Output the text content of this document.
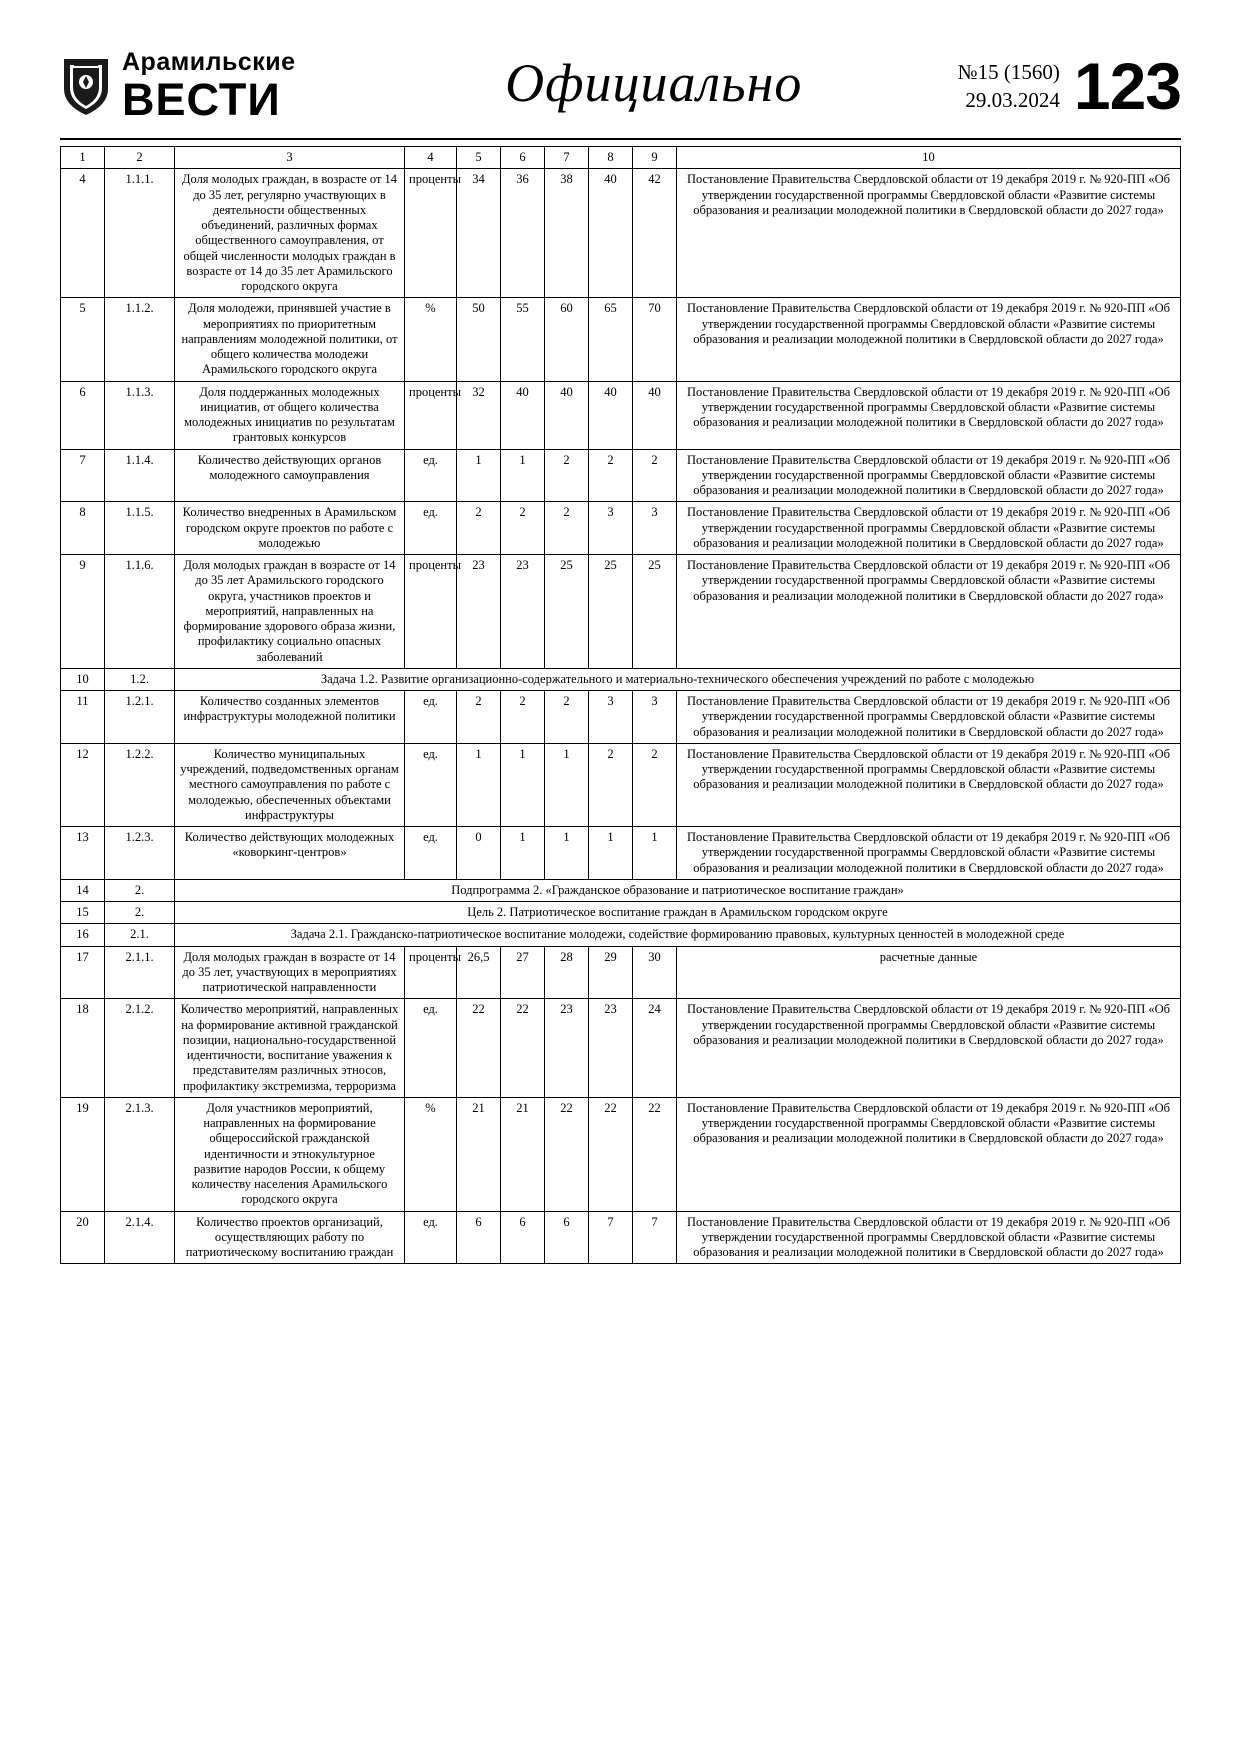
Арамильские
ВЕСТИ	Официально	№15 (1560)
29.03.2024 123
1	2	3	4	5	6	7	8	9	10
4	1.1.1.	Доля молодых граждан, в возрасте от 14 до 35 лет, регулярно участвующих в деятельности общественных объединений, различных формах общественного самоуправления, от общей численности молодых граждан в возрасте от 14 до 35 лет Арамильского городского округа	проценты	34	36	38	40	42	Постановление Правительства Свердловской области от 19 декабря 2019 г. № 920-ПП «Об утверждении государственной программы Свердловской области «Развитие системы образования и реализации молодежной политики в Свердловской области до 2027 года»
5	1.1.2.	Доля молодежи, принявшей участие в мероприятиях по приоритетным направлениям молодежной политики, от общего количества молодежи Арамильского городского округа	%	50	55	60	65	70	Постановление Правительства Свердловской области от 19 декабря 2019 г. № 920-ПП «Об утверждении государственной программы Свердловской области «Развитие системы образования и реализации молодежной политики в Свердловской области до 2027 года»
6	1.1.3.	Доля поддержанных молодежных инициатив, от общего количества молодежных инициатив по результатам грантовых конкурсов	проценты	32	40	40	40	40	Постановление Правительства Свердловской области от 19 декабря 2019 г. № 920-ПП «Об утверждении государственной программы Свердловской области «Развитие системы образования и реализации молодежной политики в Свердловской области до 2027 года»
7	1.1.4.	Количество действующих органов молодежного самоуправления	ед.	1	1	2	2	2	Постановление Правительства Свердловской области от 19 декабря 2019 г. № 920-ПП «Об утверждении государственной программы Свердловской области «Развитие системы образования и реализации молодежной политики в Свердловской области до 2027 года»
8	1.1.5.	Количество внедренных в Арамильском городском округе проектов по работе с молодежью	ед.	2	2	2	3	3	Постановление Правительства Свердловской области от 19 декабря 2019 г. № 920-ПП «Об утверждении государственной программы Свердловской области «Развитие системы образования и реализации молодежной политики в Свердловской области до 2027 года»
9	1.1.6.	Доля молодых граждан в возрасте от 14 до 35 лет Арамильского городского округа, участников проектов и мероприятий, направленных на формирование здорового образа жизни, профилактику социально опасных заболеваний	проценты	23	23	25	25	25	Постановление Правительства Свердловской области от 19 декабря 2019 г. № 920-ПП «Об утверждении государственной программы Свердловской области «Развитие системы образования и реализации молодежной политики в Свердловской области до 2027 года»
10	1.2.	Задача 1.2. Развитие организационно-содержательного и материально-технического обеспечения учреждений по работе с молодежью							
11	1.2.1.	Количество созданных элементов инфраструктуры молодежной политики	ед.	2	2	2	3	3	Постановление Правительства Свердловской области от 19 декабря 2019 г. № 920-ПП «Об утверждении государственной программы Свердловской области «Развитие системы образования и реализации молодежной политики в Свердловской области до 2027 года»
12	1.2.2.	Количество муниципальных учреждений, подведомственных органам местного самоуправления по работе с молодежью, обеспеченных объектами инфраструктуры	ед.	1	1	1	2	2	Постановление Правительства Свердловской области от 19 декабря 2019 г. № 920-ПП «Об утверждении государственной программы Свердловской области «Развитие системы образования и реализации молодежной политики в Свердловской области до 2027 года»
13	1.2.3.	Количество действующих молодежных «коворкинг-центров»	ед.	0	1	1	1	1	Постановление Правительства Свердловской области от 19 декабря 2019 г. № 920-ПП «Об утверждении государственной программы Свердловской области «Развитие системы образования и реализации молодежной политики в Свердловской области до 2027 года»
14	2.	Подпрограмма 2. «Гражданское образование и патриотическое воспитание граждан»							
15	2.	Цель 2. Патриотическое воспитание граждан в Арамильском городском округе							
16	2.1.	Задача 2.1. Гражданско-патриотическое воспитание молодежи, содействие формированию правовых, культурных ценностей в молодежной среде							
17	2.1.1.	Доля молодых граждан в возрасте от 14 до 35 лет, участвующих в мероприятиях патриотической направленности	проценты	26,5	27	28	29	30	расчетные данные
18	2.1.2.	Количество мероприятий, направленных на формирование активной гражданской позиции, национально-государственной идентичности, воспитание уважения к представителям различных этносов, профилактику экстремизма, терроризма	ед.	22	22	23	23	24	Постановление Правительства Свердловской области от 19 декабря 2019 г. № 920-ПП «Об утверждении государственной программы Свердловской области «Развитие системы образования и реализации молодежной политики в Свердловской области до 2027 года»
19	2.1.3.	Доля участников мероприятий, направленных на формирование общероссийской гражданской идентичности и этнокультурное развитие народов России, к общему количеству населения Арамильского городского округа	%	21	21	22	22	22	Постановление Правительства Свердловской области от 19 декабря 2019 г. № 920-ПП «Об утверждении государственной программы Свердловской области «Развитие системы образования и реализации молодежной политики в Свердловской области до 2027 года»
20	2.1.4.	Количество проектов организаций, осуществляющих работу по патриотическому воспитанию граждан	ед.	6	6	6	7	7	Постановление Правительства Свердловской области от 19 декабря 2019 г. № 920-ПП «Об утверждении государственной программы Свердловской области «Развитие системы образования и реализации молодежной политики в Свердловской области до 2027 года»
